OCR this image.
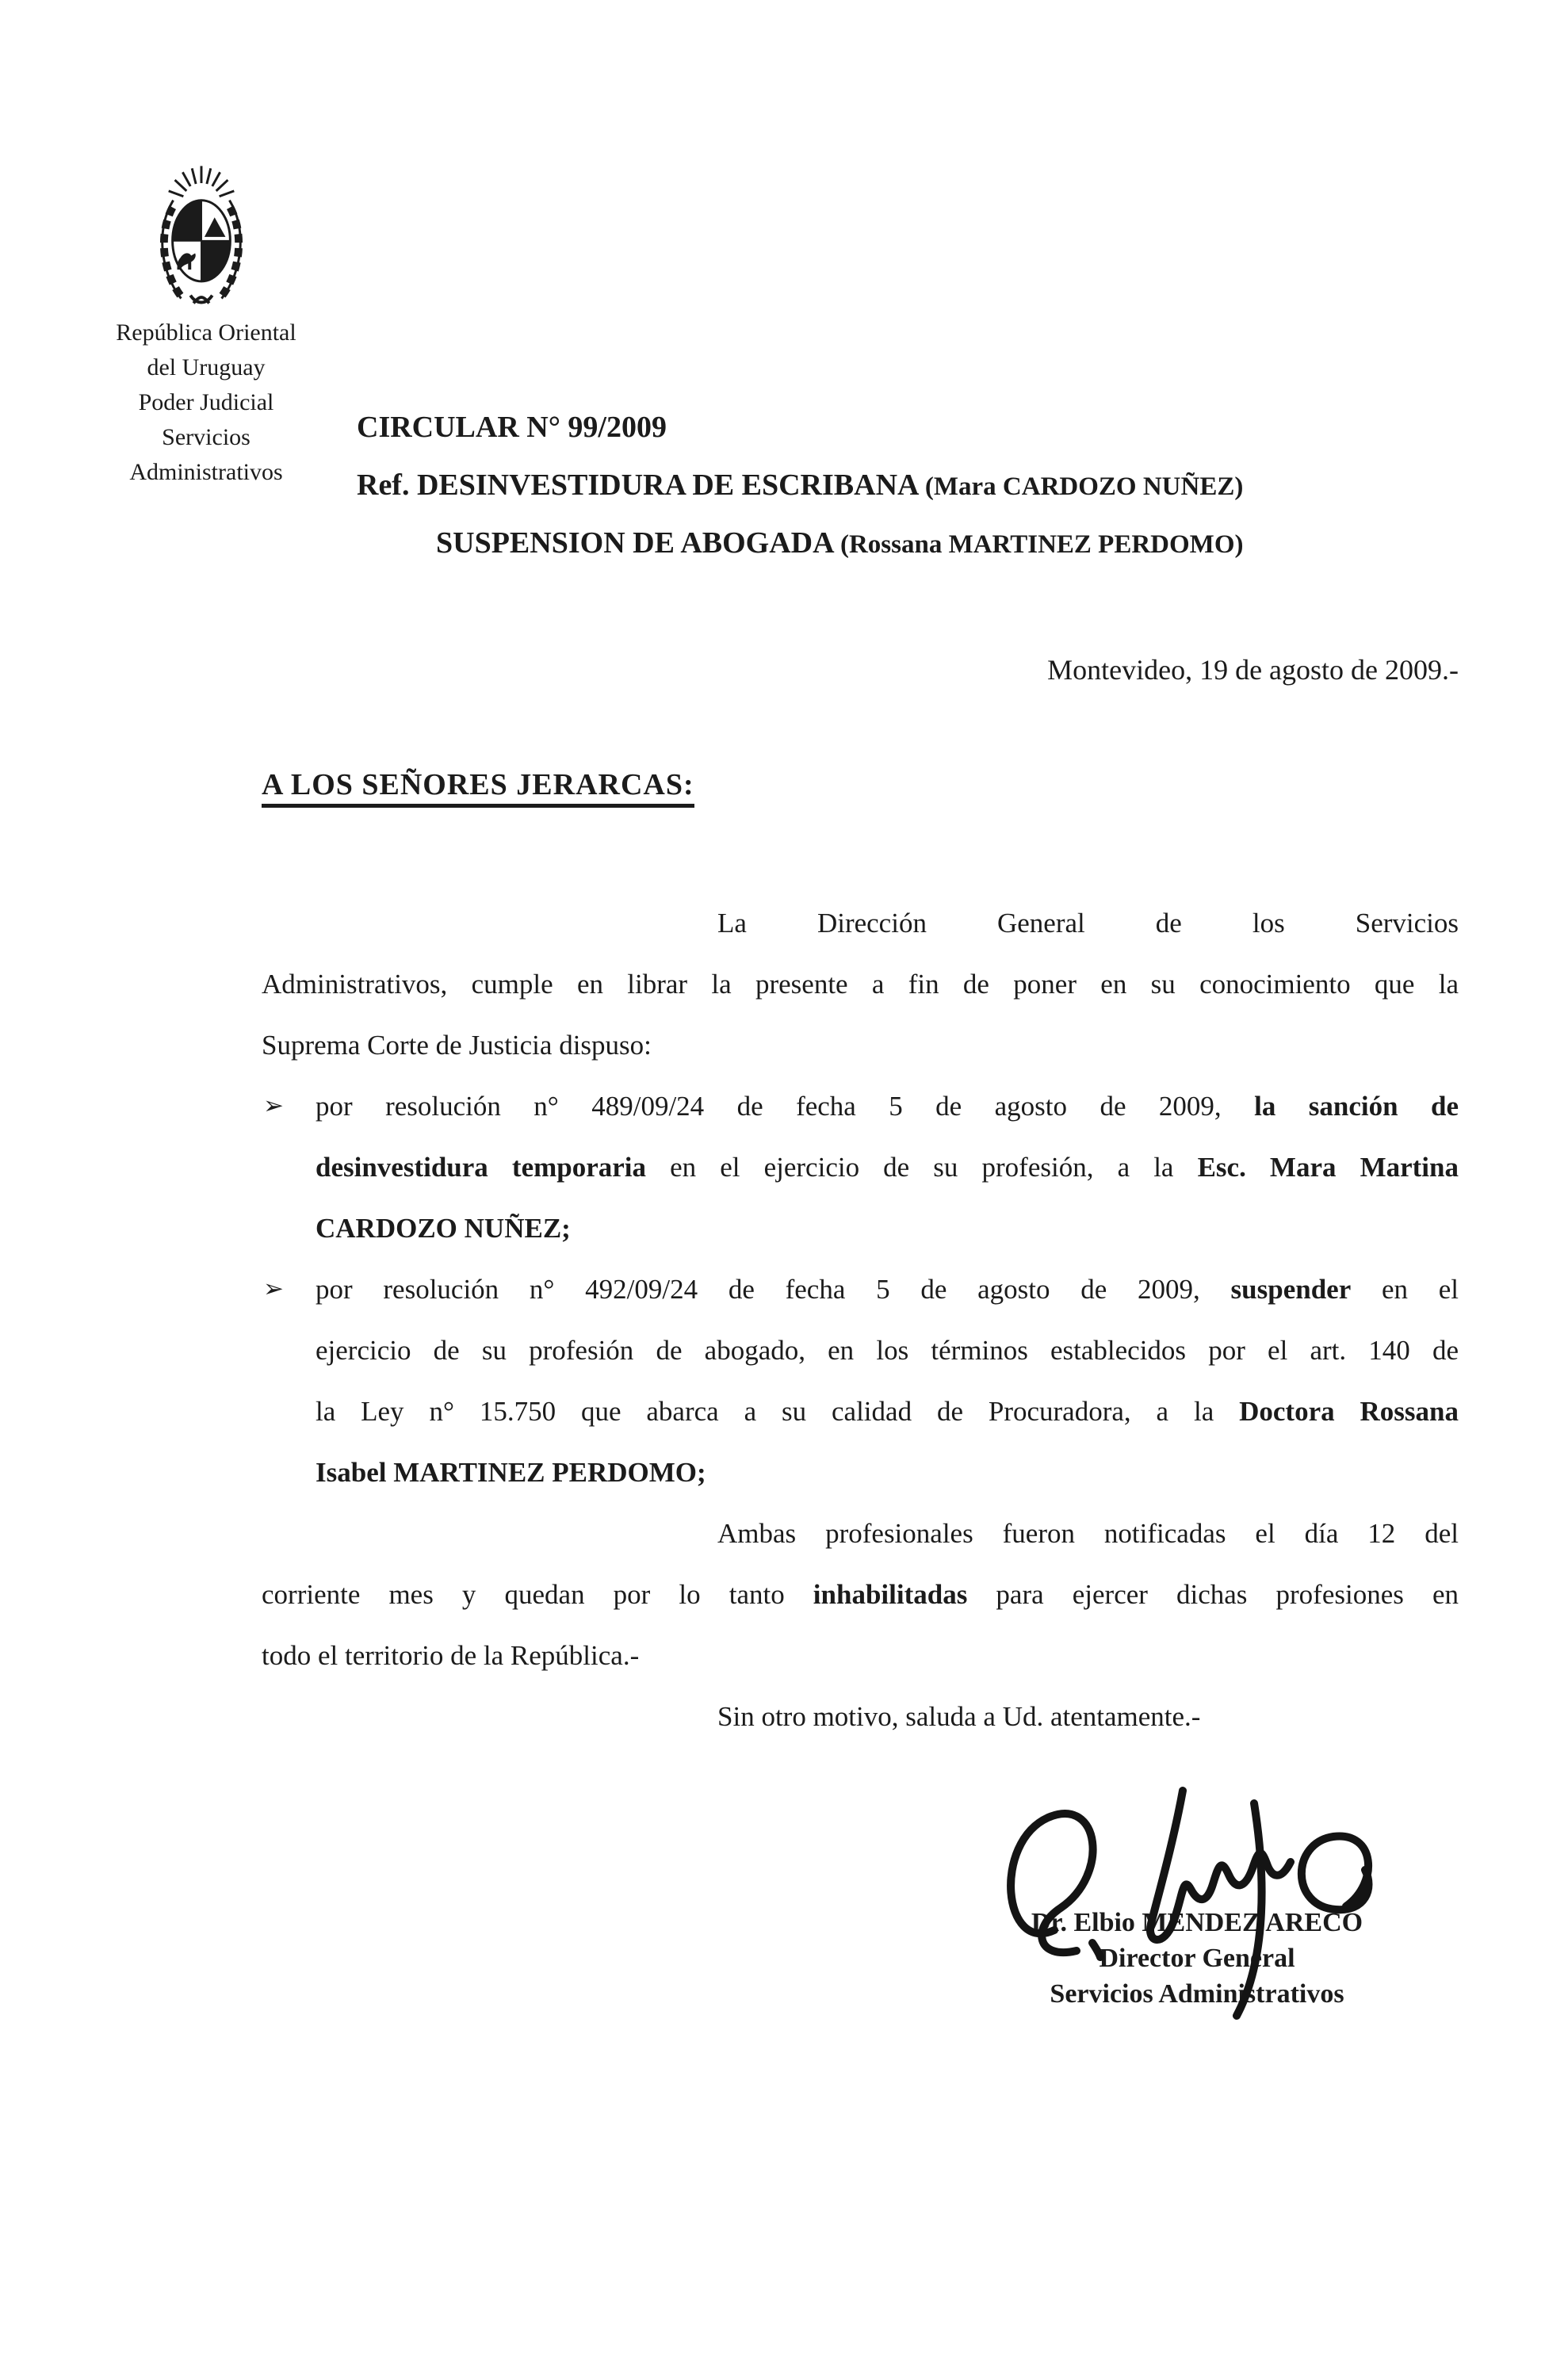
República Oriental
del Uruguay
Poder Judicial
Servicios
Administrativos
CIRCULAR N° 99/2009
Ref. DESINVESTIDURA DE ESCRIBANA (Mara CARDOZO NUÑEZ)
SUSPENSION DE ABOGADA (Rossana MARTINEZ PERDOMO)
Montevideo, 19 de agosto de 2009.-
A LOS SEÑORES JERARCAS:
La Dirección General de los Servicios
Administrativos, cumple en librar la presente a fin de poner en su conocimiento que la
Suprema Corte de Justicia dispuso:
➢ por resolución n° 489/09/24 de fecha 5 de agosto de 2009, la sanción de
desinvestidura temporaria en el ejercicio de su profesión, a la Esc. Mara Martina
CARDOZO NUÑEZ;
➢ por resolución n° 492/09/24 de fecha 5 de agosto de 2009, suspender en el
ejercicio de su profesión de abogado, en los términos establecidos por el art. 140 de
la Ley n° 15.750 que abarca a su calidad de Procuradora, a la Doctora Rossana
Isabel MARTINEZ PERDOMO;
Ambas profesionales fueron notificadas el día 12 del
corriente mes y quedan por lo tanto inhabilitadas para ejercer dichas profesiones en
todo el territorio de la República.-
Sin otro motivo, saluda a Ud. atentamente.-
Dr. Elbio MENDEZ ARECO
Director General
Servicios Administrativos
